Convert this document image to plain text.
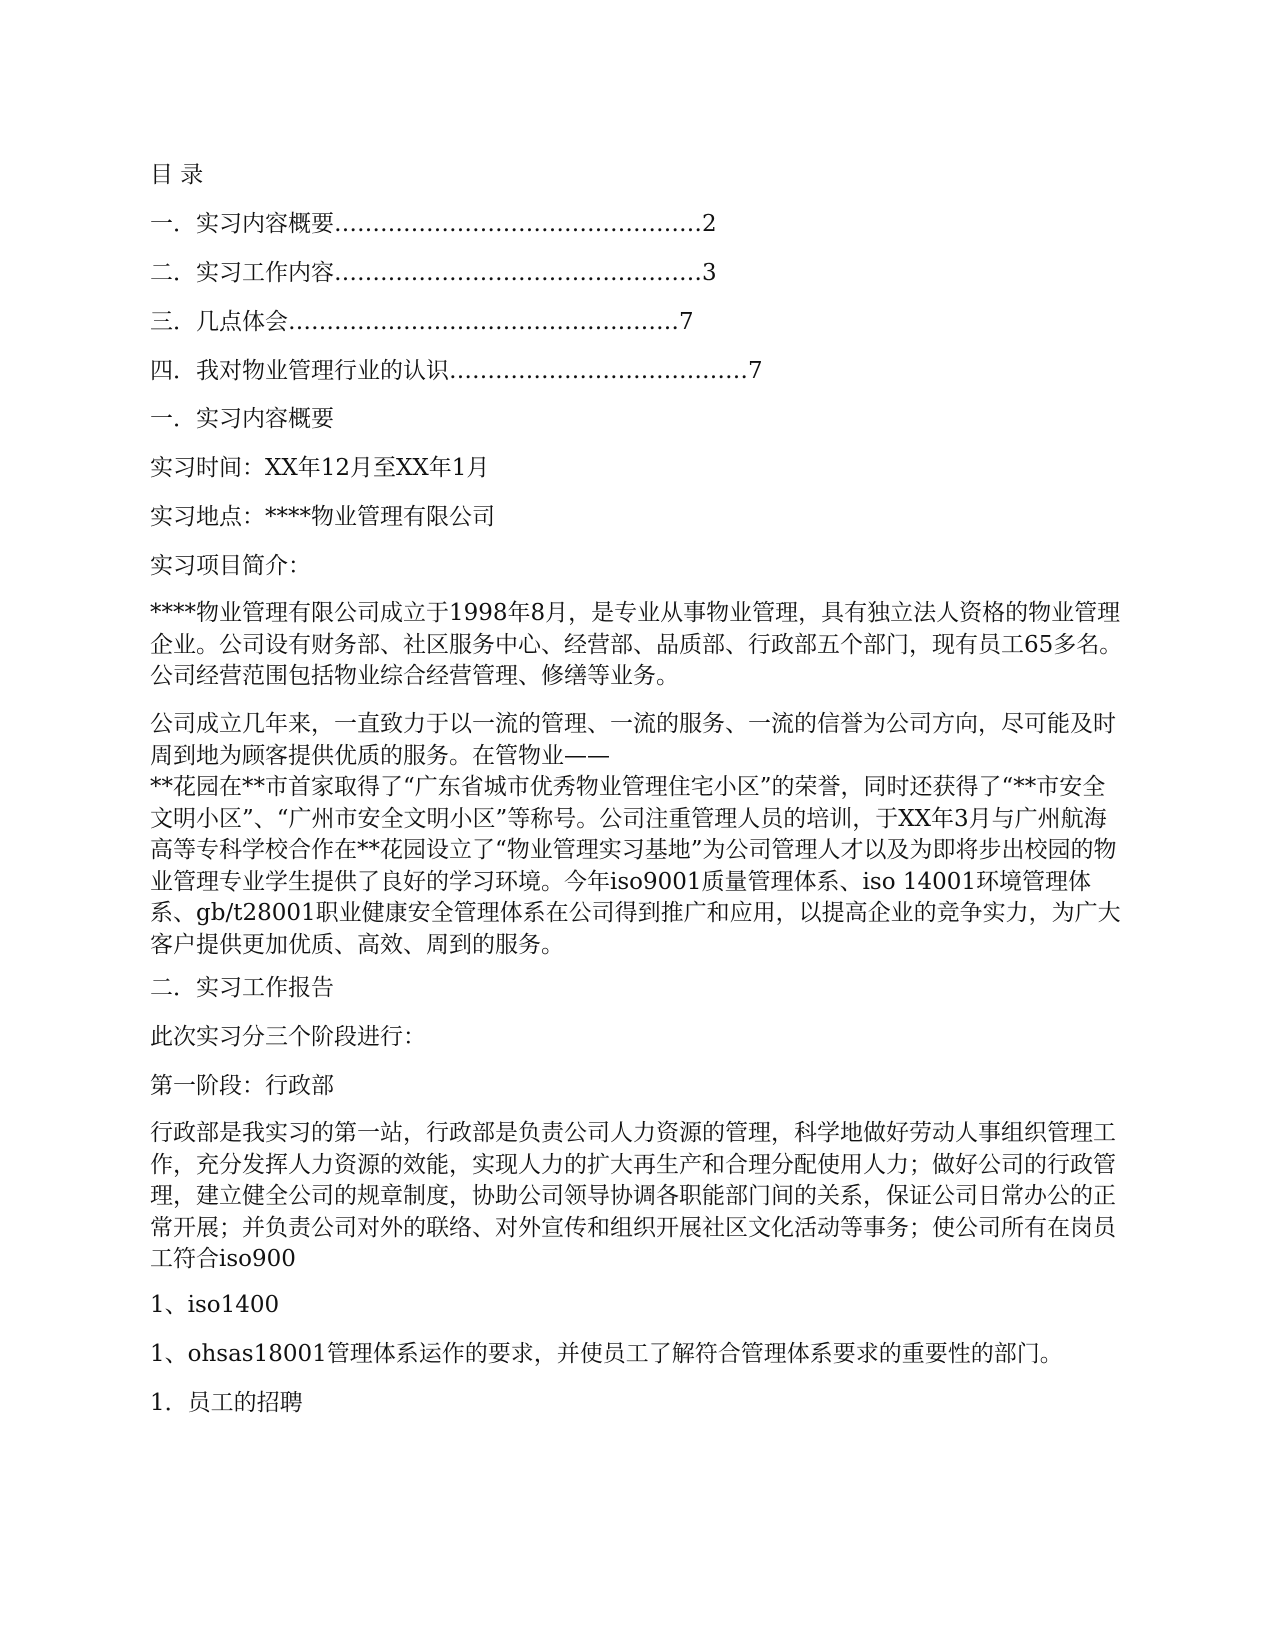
目 录

一．实习内容概要…………………………………………2

二．实习工作内容…………………………………………3

三．几点体会……………………………………………7

四．我对物业管理行业的认识…………………………………7

一．实习内容概要

实习时间：XX年12月至XX年1月

实习地点：****物业管理有限公司

实习项目简介：

****物业管理有限公司成立于1998年8月，是专业从事物业管理，具有独立法人资格的物业管理企业。公司设有财务部、社区服务中心、经营部、品质部、行政部五个部门，现有员工65多名。公司经营范围包括物业综合经营管理、修缮等业务。

公司成立几年来，一直致力于以一流的管理、一流的服务、一流的信誉为公司方向，尽可能及时周到地为顾客提供优质的服务。在管物业——
**花园在**市首家取得了“广东省城市优秀物业管理住宅小区”的荣誉，同时还获得了“**市安全文明小区”、“广州市安全文明小区”等称号。公司注重管理人员的培训，于XX年3月与广州航海高等专科学校合作在**花园设立了“物业管理实习基地”为公司管理人才以及为即将步出校园的物业管理专业学生提供了良好的学习环境。今年iso9001质量管理体系、iso 14001环境管理体系、gb/t28001职业健康安全管理体系在公司得到推广和应用，以提高企业的竞争实力，为广大客户提供更加优质、高效、周到的服务。

二．实习工作报告

此次实习分三个阶段进行：

第一阶段：行政部

行政部是我实习的第一站，行政部是负责公司人力资源的管理，科学地做好劳动人事组织管理工作，充分发挥人力资源的效能，实现人力的扩大再生产和合理分配使用人力；做好公司的行政管理，建立健全公司的规章制度，协助公司领导协调各职能部门间的关系，保证公司日常办公的正常开展；并负责公司对外的联络、对外宣传和组织开展社区文化活动等事务；使公司所有在岗员工符合iso900

1、iso1400

1、ohsas18001管理体系运作的要求，并使员工了解符合管理体系要求的重要性的部门。

1．员工的招聘
